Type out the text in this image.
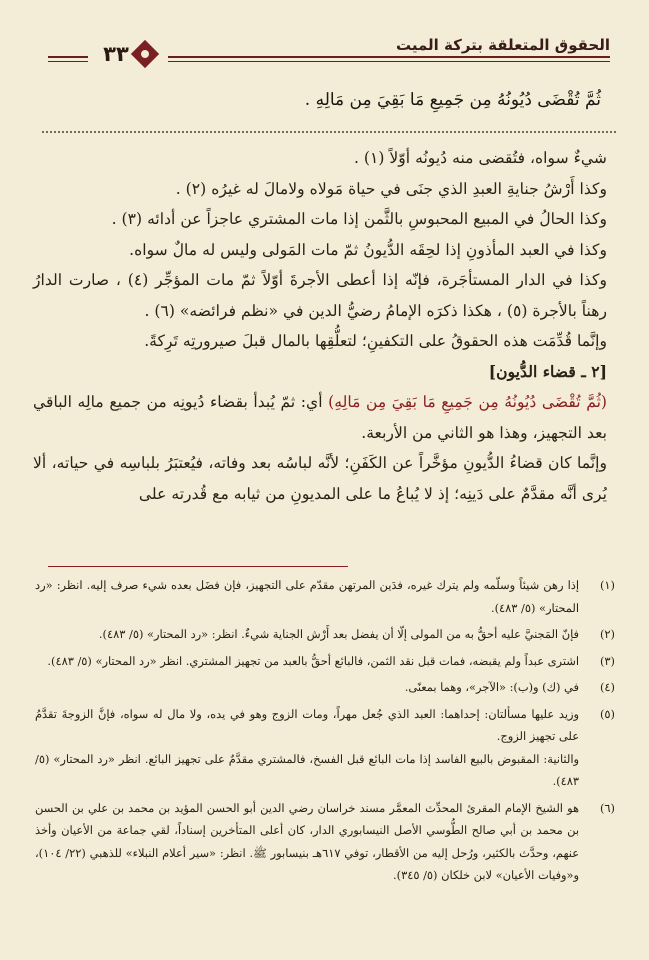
الحقوق المتعلقة بتركة الميت
٣٣
ثُمَّ تُقْضَى دُيُونُهُ مِن جَمِيعِ مَا بَقِيَ مِن مَالِهِ .

شيءٌ سواه، فتُقضى منه دُيونُه أوّلاً (١) .

وكذا أَرْشُ جنايةِ العبدِ الذي جنَى في حياة مَولاه ولامالَ له غيرُه (٢) .

وكذا الحالُ في المبيع المحبوسِ بالثَّمن إذا مات المشتري عاجزاً عن أدائه (٣) .

وكذا في العبد المأذونِ إذا لحِقَه الدُّيونُ ثمّ مات المَولى وليس له مالٌ سواه.

وكذا في الدار المستأجَرة، فإنّه إذا أعطى الأجرةَ أوّلاً ثمّ مات المؤجِّر (٤) ، صارت الدارُ رهناً بالأجرة (٥) ، هكذا ذكرَه الإمامُ رضيُّ الدين في «نظم فرائضه» (٦) .

وإنَّما قُدِّمَت هذه الحقوقُ على التكفينِ؛ لتعلُّقِها بالمال قبلَ صيرورتِه تَرِكةً.

[٢ ـ قضاء الدُّيون]

(ثُمَّ تُقْضَى دُيُونُهُ مِن جَمِيعِ مَا بَقِيَ مِن مَالِهِ) أي: ثمّ يُبدأ بقضاء دُيونِه من جميع مالِه الباقي بعد التجهيز، وهذا هو الثاني من الأربعة.

وإنَّما كان قضاءُ الدُّيونِ مؤخَّراً عن الكَفَنِ؛ لأنَّه لباسُه بعد وفاته، فيُعتبَرُ بلباسِه في حياته، ألا يُرى أنَّه مقدَّمٌ على دَينِه؛ إذ لا يُباعُ ما على المديونِ من ثيابه مع قُدرته على

(١)

إذا رهن شيئاً وسلّمه ولم يترك غيره، فدَين المرتهن مقدّم على التجهيز، فإن فضَل بعده شيء صرف إليه. انظر: «رد المحتار» (٥/ ٤٨٣).

(٢)

فإنّ المَجنيَّ عليه أحقُّ به من المولى إلّا أن يفضل بعد أَرْش الجناية شيءٌ. انظر: «رد المحتار» (٥/ ٤٨٣).

(٣)

اشترى عبداً ولم يقبضه، فمات قبل نقد الثمن، فالبائع أحقُّ بالعبد من تجهيز المشتري. انظر «رد المحتار» (٥/ ٤٨٣).

(٤)

في (ك) و(ب): «الآجر»، وهما بمعنًى.

(٥)

وزيد عليها مسألتان: إحداهما: العبد الذي جُعل مهراً، ومات الزوج وهو في يده، ولا مال له سواه، فإنَّ الزوجةَ تقدَّمُ على تجهيز الزوج.

والثانية: المقبوض بالبيع الفاسد إذا مات البائع قبل الفسخ، فالمشتري مقدَّمٌ على تجهيز البائع. انظر «رد المحتار» (٥/ ٤٨٣).

(٦)

هو الشيخ الإمام المقرئ المحدِّث المعمَّر مسند خراسان رضي الدين أبو الحسن المؤيد بن محمد بن علي بن الحسن بن محمد بن أبي صالح الطُّوسي الأصل النيسابوري الدار، كان أعلى المتأخرين إسناداً، لقي جماعة من الأعيان وأخذ عنهم، وحدَّث بالكثير، ورُحل إليه من الأقطار، توفي ٦١٧هـ بنيسابور ﷺ. انظر: «سير أعلام النبلاء» للذهبي (٢٢/ ١٠٤)، و«وفيات الأعيان» لابن خلكان (٥/ ٣٤٥).
